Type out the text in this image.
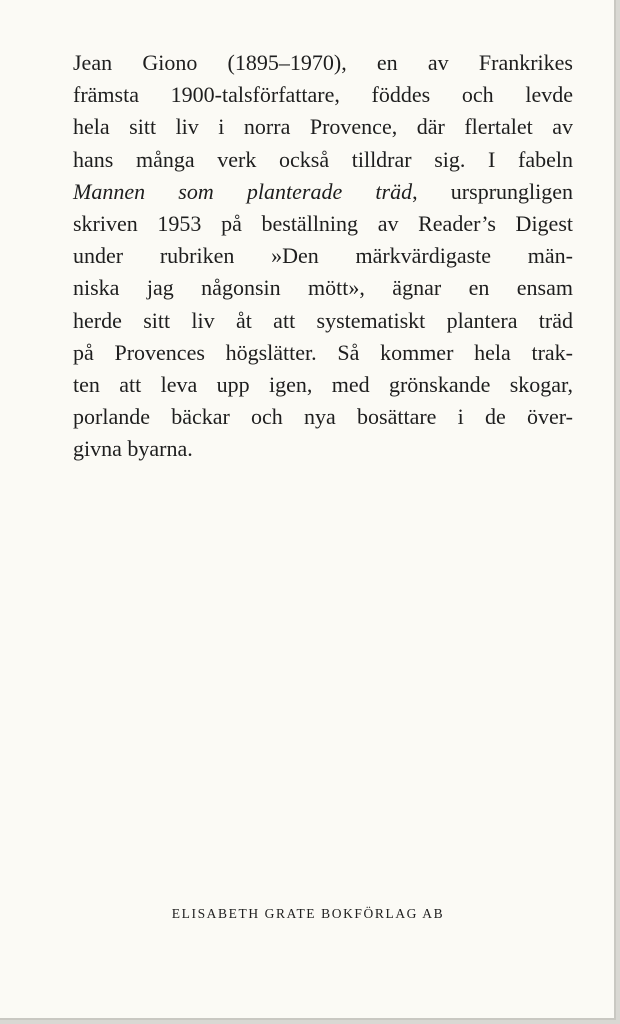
Jean Giono (1895–1970), en av Frankrikes
främsta 1900-talsförfattare, föddes och levde
hela sitt liv i norra Provence, där flertalet av
hans många verk också tilldrar sig. I fabeln
Mannen som planterade träd, ursprungligen
skriven 1953 på beställning av Reader’s Digest
under rubriken »Den märkvärdigaste män-
niska jag någonsin mött», ägnar en ensam
herde sitt liv åt att systematiskt plantera träd
på Provences högslätter. Så kommer hela trak-
ten att leva upp igen, med grönskande skogar,
porlande bäckar och nya bosättare i de över-
givna byarna.

ELISABETH GRATE BOKFÖRLAG AB
